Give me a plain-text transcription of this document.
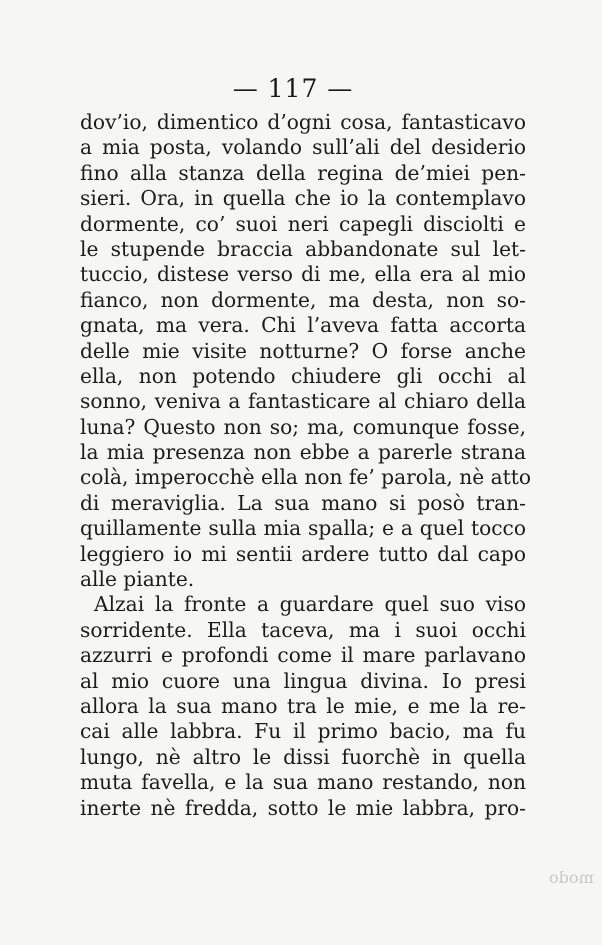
— 117 —
dov’io, dimentico d’ogni cosa, fantasticavo
a mia posta, volando sull’ali del desiderio
fino alla stanza della regina de’miei pen-
sieri. Ora, in quella che io la contemplavo
dormente, co’ suoi neri capegli disciolti e
le stupende braccia abbandonate sul let-
tuccio, distese verso di me, ella era al mio
fianco, non dormente, ma desta, non so-
gnata, ma vera. Chi l’aveva fatta accorta
delle mie visite notturne? O forse anche
ella, non potendo chiudere gli occhi al
sonno, veniva a fantasticare al chiaro della
luna? Questo non so; ma, comunque fosse,
la mia presenza non ebbe a parerle strana
colà, imperocchè ella non fe’ parola, nè atto
di meraviglia. La sua mano si posò tran-
quillamente sulla mia spalla; e a quel tocco
leggiero io mi sentii ardere tutto dal capo
alle piante.
Alzai la fronte a guardare quel suo viso
sorridente. Ella taceva, ma i suoi occhi
azzurri e profondi come il mare parlavano
al mio cuore una lingua divina. Io presi
allora la sua mano tra le mie, e me la re-
cai alle labbra. Fu il primo bacio, ma fu
lungo, nè altro le dissi fuorchè in quella
muta favella, e la sua mano restando, non
inerte nè fredda, sotto le mie labbra, pro-
modo
